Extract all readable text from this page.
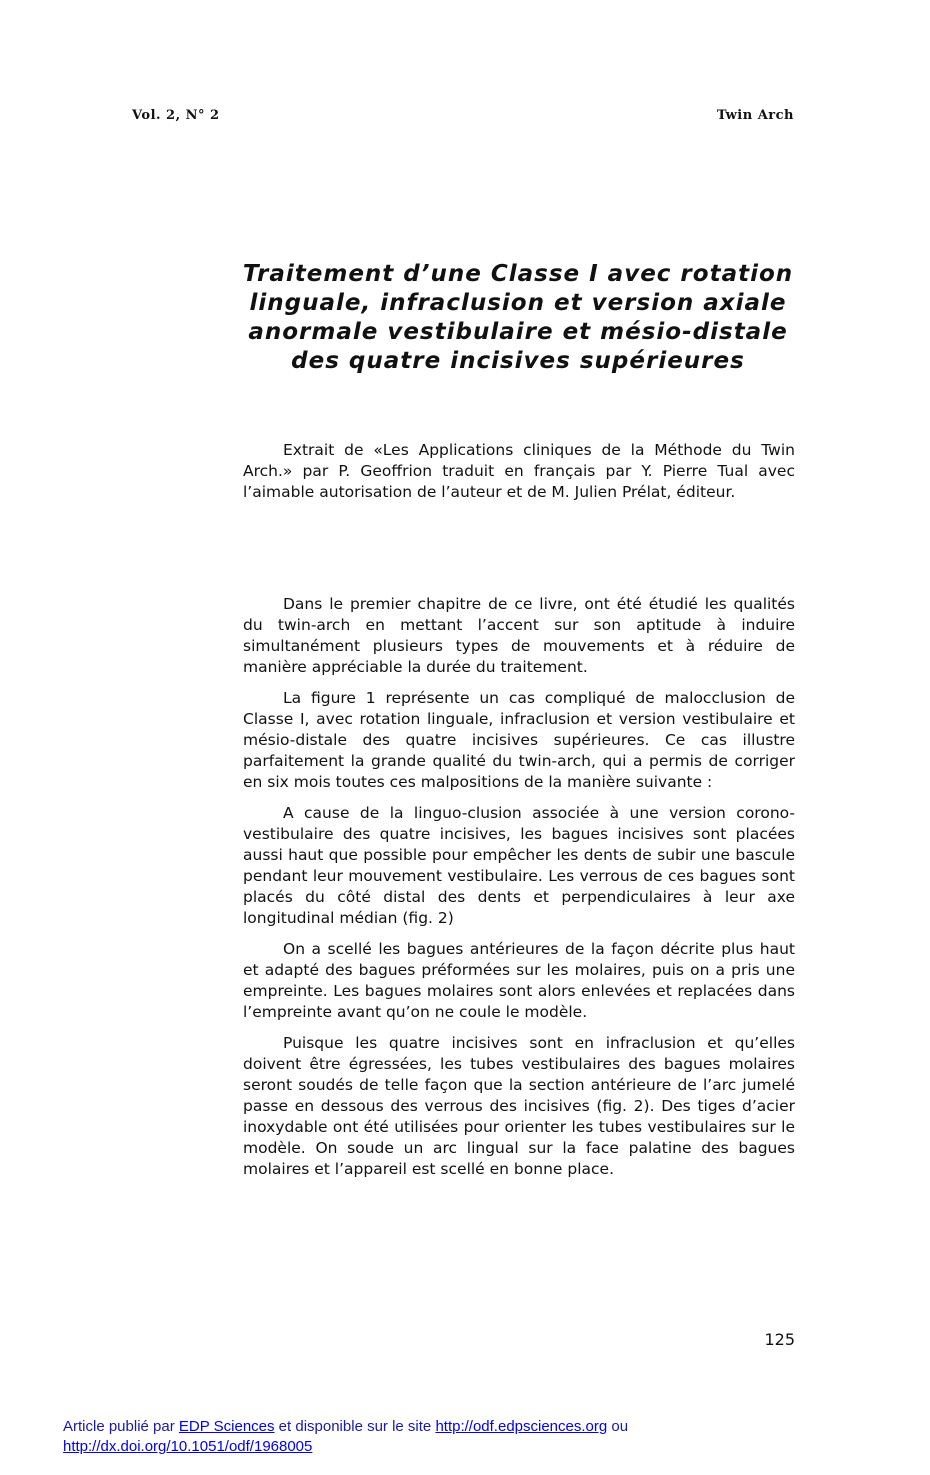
Vol. 2, N° 2	Twin Arch
Traitement d’une Classe I avec rotation linguale, infraclusion et version axiale anormale vestibulaire et mésio-distale des quatre incisives supérieures

Extrait de «Les Applications cliniques de la Méthode du Twin Arch.» par P. Geoffrion traduit en français par Y. Pierre Tual avec l’aimable autorisation de l’auteur et de M. Julien Prélat, éditeur.

Dans le premier chapitre de ce livre, ont été étudié les qualités du twin-arch en mettant l’accent sur son aptitude à induire simultanément plusieurs types de mouvements et à réduire de manière appréciable la durée du traitement.

La figure 1 représente un cas compliqué de malocclusion de Classe I, avec rotation linguale, infraclusion et version vestibulaire et mésio-distale des quatre incisives supérieures. Ce cas illustre parfaitement la grande qualité du twin-arch, qui a permis de corriger en six mois toutes ces malpositions de la manière suivante :

A cause de la linguo-clusion associée à une version corono-vestibulaire des quatre incisives, les bagues incisives sont placées aussi haut que possible pour empêcher les dents de subir une bascule pendant leur mouvement vestibulaire. Les verrous de ces bagues sont placés du côté distal des dents et perpendiculaires à leur axe longitudinal médian (fig. 2)

On a scellé les bagues antérieures de la façon décrite plus haut et adapté des bagues préformées sur les molaires, puis on a pris une empreinte. Les bagues molaires sont alors enlevées et replacées dans l’empreinte avant qu’on ne coule le modèle.

Puisque les quatre incisives sont en infraclusion et qu’elles doivent être égressées, les tubes vestibulaires des bagues molaires seront soudés de telle façon que la section antérieure de l’arc jumelé passe en dessous des verrous des incisives (fig. 2). Des tiges d’acier inoxydable ont été utilisées pour orienter les tubes vestibulaires sur le modèle. On soude un arc lingual sur la face palatine des bagues molaires et l’appareil est scellé en bonne place.

125
Article publié par EDP Sciences et disponible sur le site http://odf.edpsciences.org ou
http://dx.doi.org/10.1051/odf/1968005
